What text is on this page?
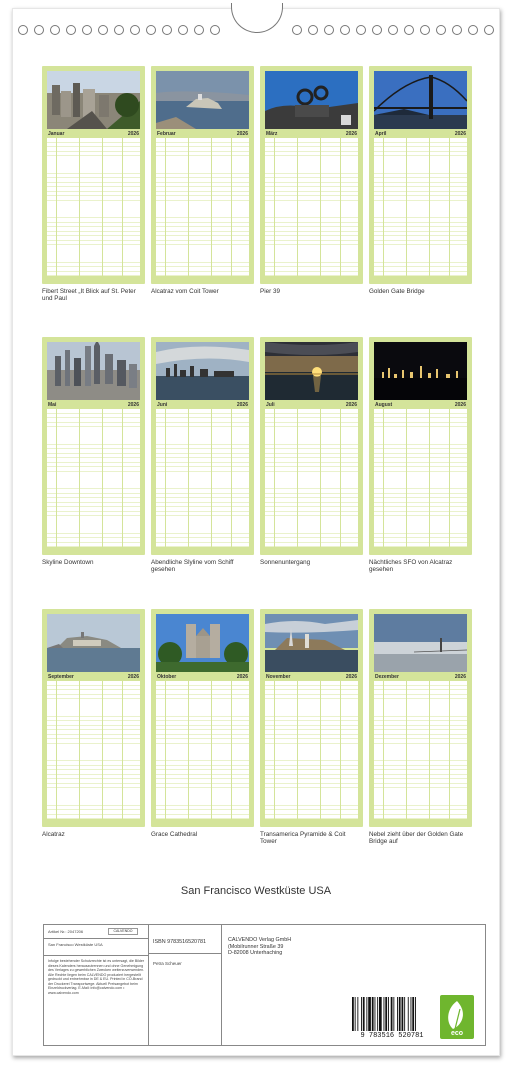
Januar	2026
Fibert Street „It Blick auf St. Peter und Paul
Februar	2026
Alcatraz vom Coit Tower
März	2026
Pier 39
April	2026
Golden Gate Bridge
Mai	2026
Skyline Downtown
Juni	2026
Abendliche Slyline vom Schiff gesehen
Juli	2026
Sonnenuntergang
August	2026
Nächtliches SFO von Alcatraz gesehen
September	2026
Alcatraz
Oktober	2026
Grace Cathedral
November	2026
Transamerica Pyramide & Coit Tower
Dezember	2026
Nebel zieht über der Golden Gate Bridge auf
San Francisco Westküste USA
Artikel Nr.: 2047206	CALVENDO
San Francisco Westküste USA
Infolge bestehender Schutzrechte ist es untersagt, die Bilder dieses Kalenders herauszutrennen und ohne Genehmigung des Verlages zu gewerblichen Zwecken weiterzuverwenden. Alle Rechte liegen beim CALVENDO produziert hergestellt gedruckt und entnehmbar in DE & EU. Printed in CO-Brand der Druckerei Transportwege. Aktuell Preisangebot beim Einzeldruckverlag. E-Mail: info@calvendo.com • www.calvendo.com
ISBN 9783516520781
Petra Scheuer
CALVENDO Verlag GmbH
(Mobilrunner Straße 39
D-82008 Unterhaching
9 783516 520781	eco
